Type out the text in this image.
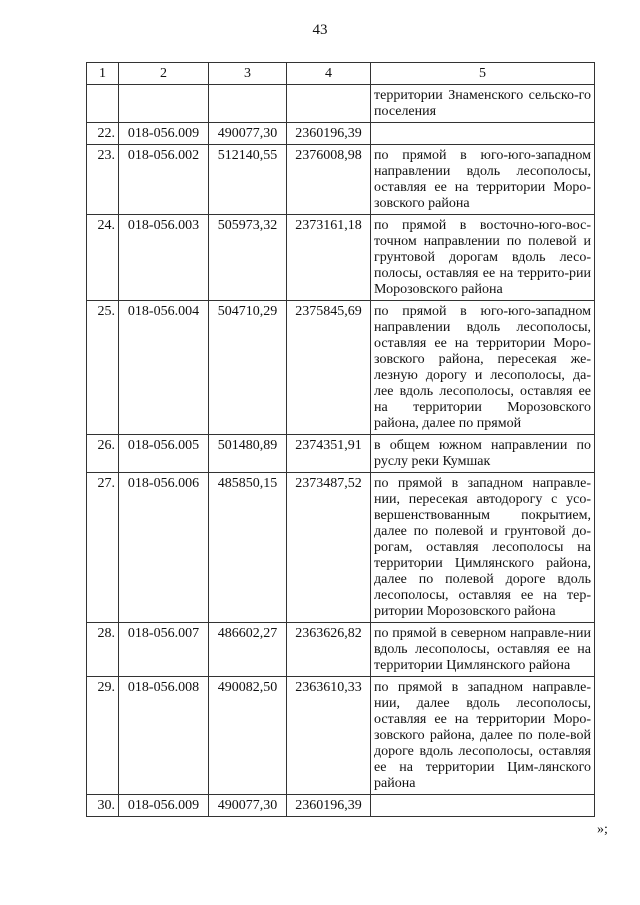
43
1	2	3	4	5
				территории Знаменского сельско-го поселения
22.	018-056.009	490077,30	2360196,39	
23.	018-056.002	512140,55	2376008,98	по прямой в юго-юго-западном направлении вдоль лесополосы, оставляя ее на территории Моро-зовского района
24.	018-056.003	505973,32	2373161,18	по прямой в восточно-юго-вос-точном направлении по полевой и грунтовой дорогам вдоль лесо-полосы, оставляя ее на террито-рии Морозовского района
25.	018-056.004	504710,29	2375845,69	по прямой в юго-юго-западном направлении вдоль лесополосы, оставляя ее на территории Моро-зовского района, пересекая же-лезную дорогу и лесополосы, да-лее вдоль лесополосы, оставляя ее на территории Морозовского района, далее по прямой
26.	018-056.005	501480,89	2374351,91	в общем южном направлении по руслу реки Кумшак
27.	018-056.006	485850,15	2373487,52	по прямой в западном направле-нии, пересекая автодорогу с усо-вершенствованным покрытием, далее по полевой и грунтовой до-рогам, оставляя лесополосы на территории Цимлянского района, далее по полевой дороге вдоль лесополосы, оставляя ее на тер-ритории Морозовского района
28.	018-056.007	486602,27	2363626,82	по прямой в северном направле-нии вдоль лесополосы, оставляя ее на территории Цимлянского района
29.	018-056.008	490082,50	2363610,33	по прямой в западном направле-нии, далее вдоль лесополосы, оставляя ее на территории Моро-зовского района, далее по поле-вой дороге вдоль лесополосы, оставляя ее на территории Цим-лянского района
30.	018-056.009	490077,30	2360196,39	
»;
